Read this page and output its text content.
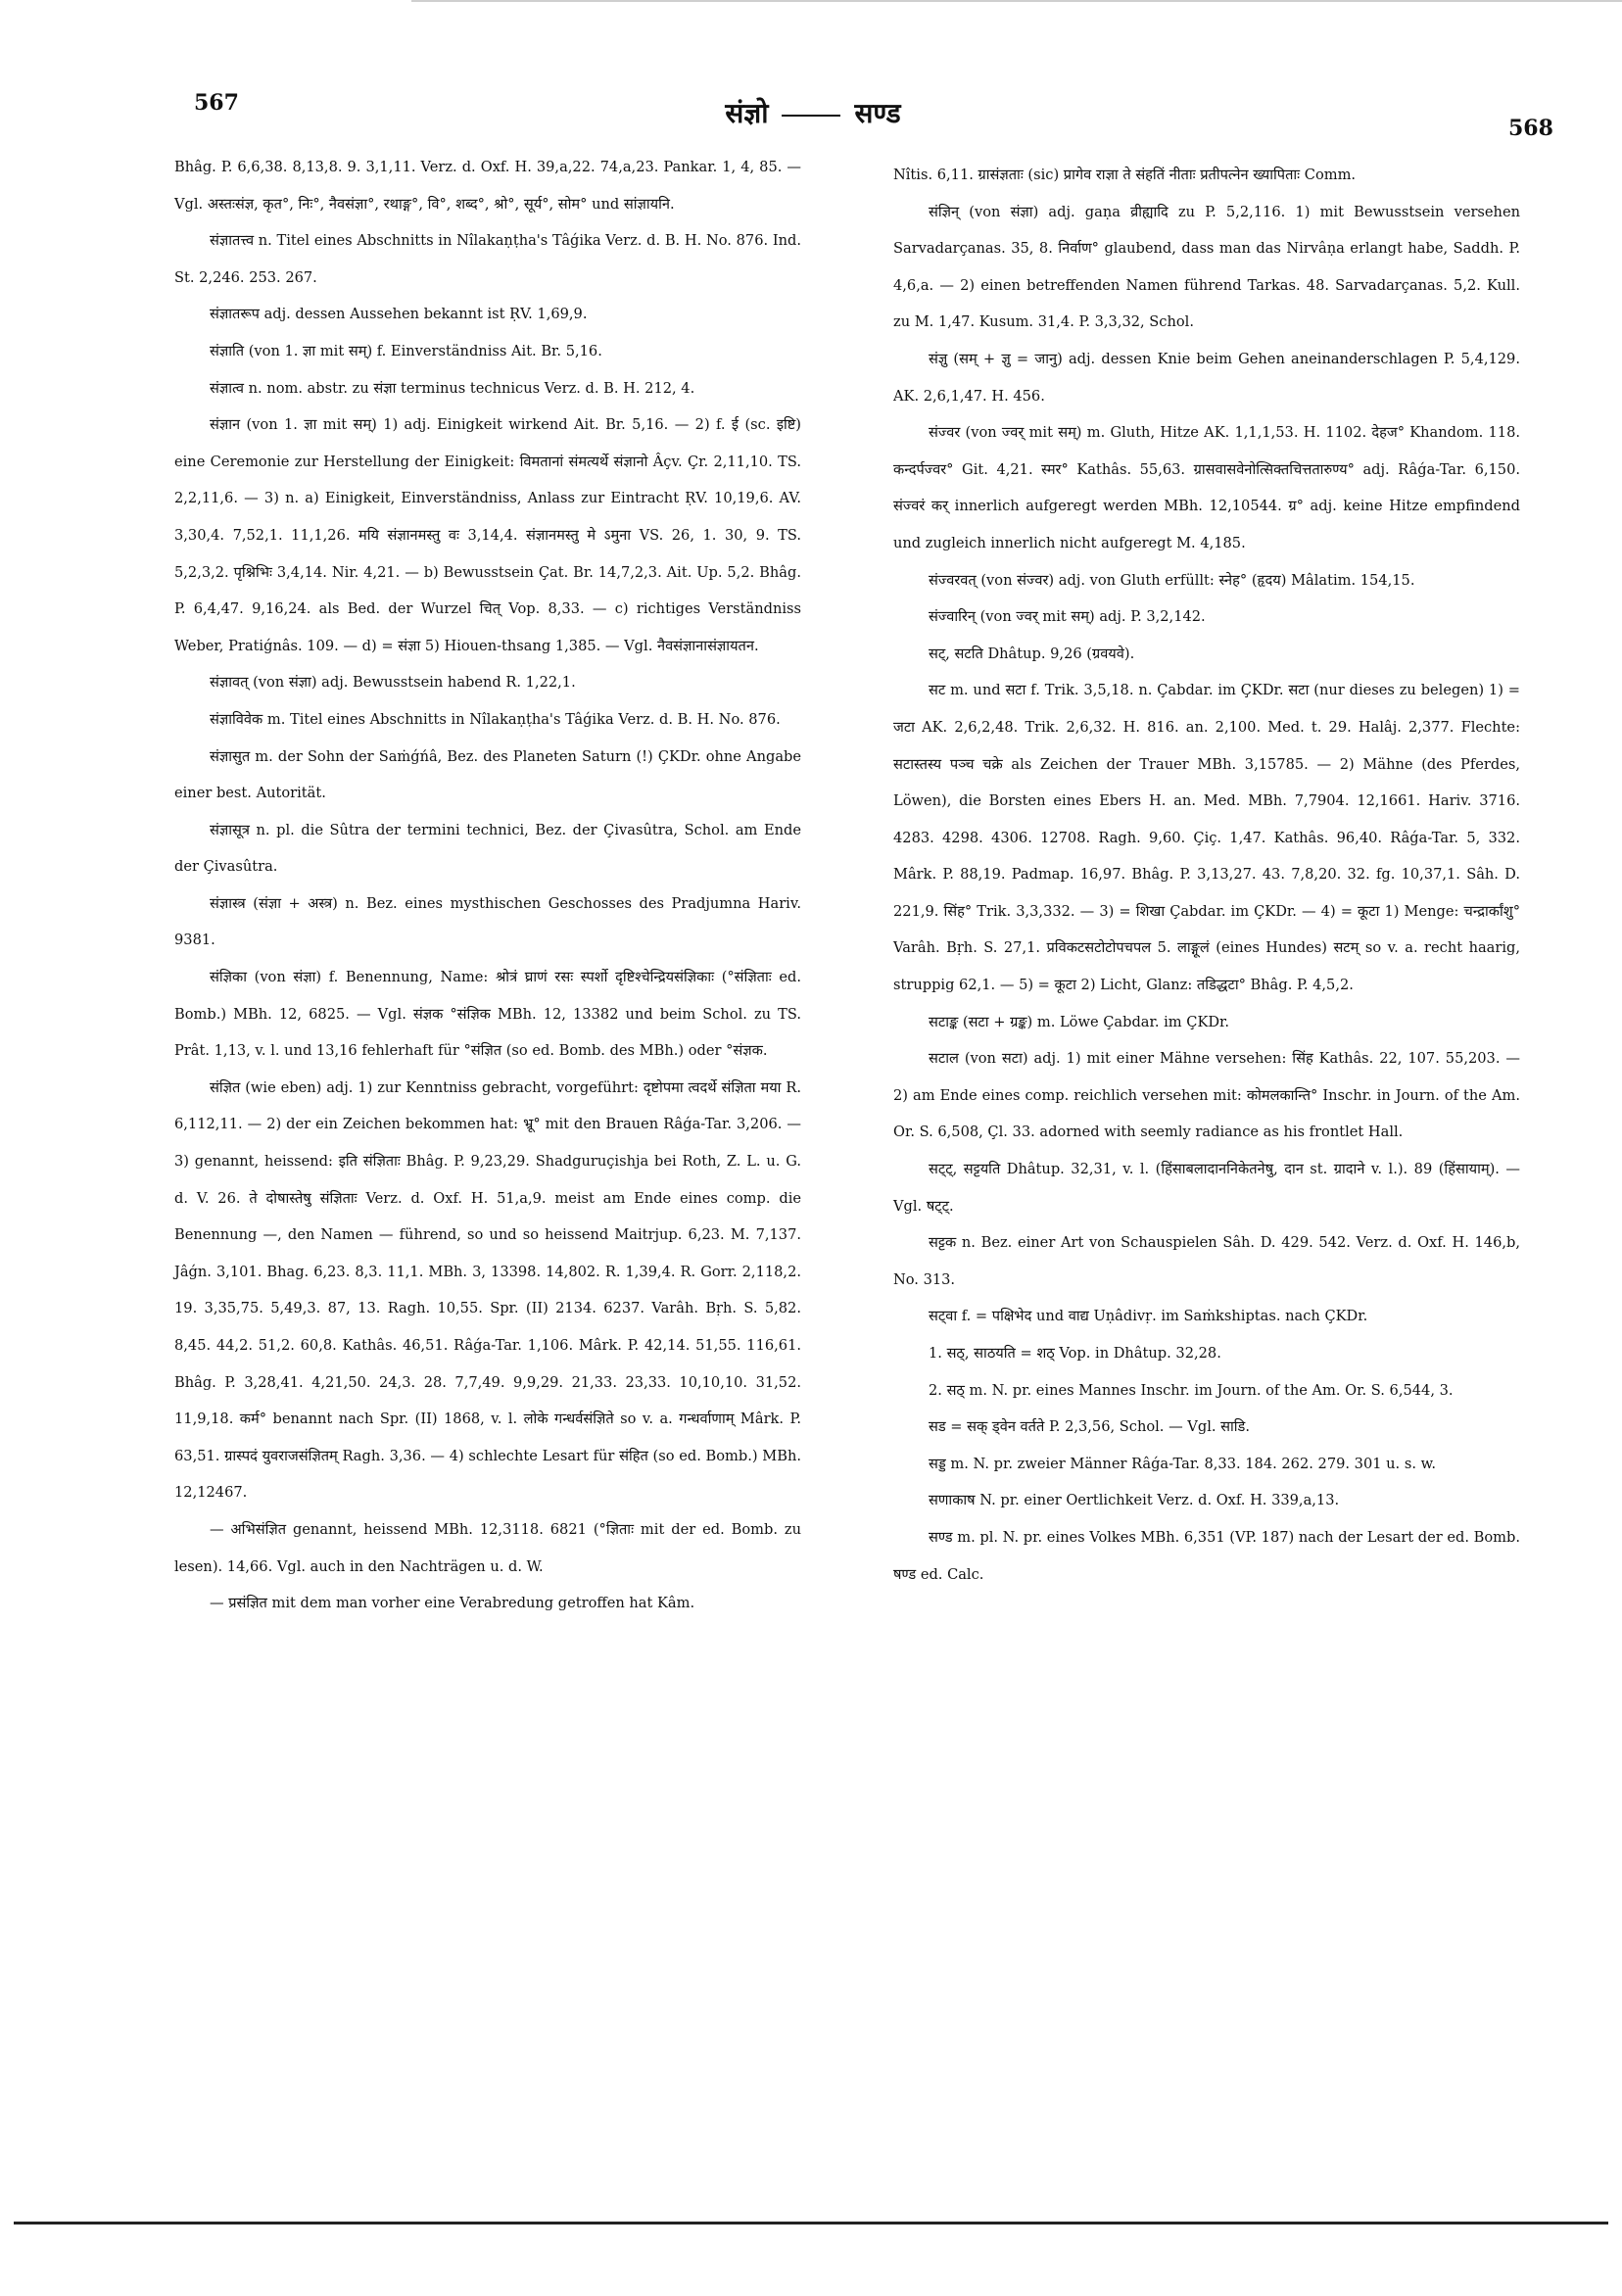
567	संज्ञो	सण्ड	568

Bhâg. P. 6,6,38. 8,13,8. 9. 3,1,11. Verz. d. Oxf. H. 39,a,22. 74,a,23. Pankar. 1, 4, 85. — Vgl. अस्तःसंज्ञ, कृत°, निः°, नैवसंज्ञा°, रथाङ्ग°, वि°, शब्द°, श्रो°, सूर्य°, सोम° und सांज्ञायनि.

संज्ञातत्त्व n. Titel eines Abschnitts in Nîlakaṇṭha's Tâǵika Verz. d. B. H. No. 876. Ind. St. 2,246. 253. 267.

संज्ञातरूप adj. dessen Aussehen bekannt ist ṚV. 1,69,9.

संज्ञाति (von 1. ज्ञा mit सम्) f. Einverständniss Ait. Br. 5,16.

संज्ञात्व n. nom. abstr. zu संज्ञा terminus technicus Verz. d. B. H. 212, 4.

संज्ञान (von 1. ज्ञा mit सम्) 1) adj. Einigkeit wirkend Ait. Br. 5,16. — 2) f. ई (sc. इष्टि) eine Ceremonie zur Herstellung der Einigkeit: विमतानां संमत्यर्थे संज्ञानो Âçv. Çr. 2,11,10. TS. 2,2,11,6. — 3) n. a) Einigkeit, Einverständniss, Anlass zur Eintracht ṚV. 10,19,6. AV. 3,30,4. 7,52,1. 11,1,26. मयि संज्ञानमस्तु वः 3,14,4. संज्ञानमस्तु मे ऽमुना VS. 26, 1. 30, 9. TS. 5,2,3,2. पृश्निभिः 3,4,14. Nir. 4,21. — b) Bewusstsein Çat. Br. 14,7,2,3. Ait. Up. 5,2. Bhâg. P. 6,4,47. 9,16,24. als Bed. der Wurzel चित् Vop. 8,33. — c) richtiges Verständniss Weber, Pratiǵnâs. 109. — d) = संज्ञा 5) Hiouen-thsang 1,385. — Vgl. नैवसंज्ञानासंज्ञायतन.

संज्ञावत् (von संज्ञा) adj. Bewusstsein habend R. 1,22,1.

संज्ञाविवेक m. Titel eines Abschnitts in Nîlakaṇṭha's Tâǵika Verz. d. B. H. No. 876.

संज्ञासुत m. der Sohn der Saṁǵńâ, Bez. des Planeten Saturn (!) ÇKDr. ohne Angabe einer best. Autorität.

संज्ञासूत्र n. pl. die Sûtra der termini technici, Bez. der Çivasûtra, Schol. am Ende der Çivasûtra.

संज्ञास्त्र (संज्ञा + अस्त्र) n. Bez. eines mysthischen Geschosses des Pradjumna Hariv. 9381.

संज्ञिका (von संज्ञा) f. Benennung, Name: श्रोत्रं घ्राणं रसः स्पर्शो दृष्टिश्चेन्द्रियसंज्ञिकाः (°संज्ञिताः ed. Bomb.) MBh. 12, 6825. — Vgl. संज्ञक °संज्ञिक MBh. 12, 13382 und beim Schol. zu TS. Prât. 1,13, v. l. und 13,16 fehlerhaft für °संज्ञित (so ed. Bomb. des MBh.) oder °संज्ञक.

संज्ञित (wie eben) adj. 1) zur Kenntniss gebracht, vorgeführt: दृष्टोपमा त्वदर्थे संज्ञिता मया R. 6,112,11. — 2) der ein Zeichen bekommen hat: भ्रू° mit den Brauen Râǵa-Tar. 3,206. — 3) genannt, heissend: इति संज्ञिताः Bhâg. P. 9,23,29. Shadguruçishja bei Roth, Z. L. u. G. d. V. 26. ते दोषास्तेषु संज्ञिताः Verz. d. Oxf. H. 51,a,9. meist am Ende eines comp. die Benennung —, den Namen — führend, so und so heissend Maitrjup. 6,23. M. 7,137. Jâǵn. 3,101. Bhag. 6,23. 8,3. 11,1. MBh. 3, 13398. 14,802. R. 1,39,4. R. Gorr. 2,118,2. 19. 3,35,75. 5,49,3. 87, 13. Ragh. 10,55. Spr. (II) 2134. 6237. Varâh. Bṛh. S. 5,82. 8,45. 44,2. 51,2. 60,8. Kathâs. 46,51. Râǵa-Tar. 1,106. Mârk. P. 42,14. 51,55. 116,61. Bhâg. P. 3,28,41. 4,21,50. 24,3. 28. 7,7,49. 9,9,29. 21,33. 23,33. 10,10,10. 31,52. 11,9,18. कर्म° benannt nach Spr. (II) 1868, v. l. लोके गन्धर्वसंज्ञिते so v. a. गन्धर्वाणाम् Mârk. P. 63,51. ग्रास्पदं युवराजसंज्ञितम् Ragh. 3,36. — 4) schlechte Lesart für संहित (so ed. Bomb.) MBh. 12,12467.

— अभिसंज्ञित genannt, heissend MBh. 12,3118. 6821 (°ज्ञिताः mit der ed. Bomb. zu lesen). 14,66. Vgl. auch in den Nachträgen u. d. W.

— प्रसंज्ञित mit dem man vorher eine Verabredung getroffen hat Kâm.

Nîtis. 6,11. ग्रासंज्ञताः (sic) प्रागेव राज्ञा ते संहतिं नीताः प्रतीपत्नेन ख्यापिताः Comm.

संज्ञिन् (von संज्ञा) adj. gaṇa व्रीह्यादि zu P. 5,2,116. 1) mit Bewusstsein versehen Sarvadarçanas. 35, 8. निर्वाण° glaubend, dass man das Nirvâṇa erlangt habe, Saddh. P. 4,6,a. — 2) einen betreffenden Namen führend Tarkas. 48. Sarvadarçanas. 5,2. Kull. zu M. 1,47. Kusum. 31,4. P. 3,3,32, Schol.

संज्ञु (सम् + ज्ञु = जानु) adj. dessen Knie beim Gehen aneinanderschlagen P. 5,4,129. AK. 2,6,1,47. H. 456.

संज्वर (von ज्वर् mit सम्) m. Gluth, Hitze AK. 1,1,1,53. H. 1102. देहज° Khandom. 118. कन्दर्पज्वर° Git. 4,21. स्मर° Kathâs. 55,63. ग्रासवासवेनोत्सिक्तचित्ततारुण्य° adj. Râǵa-Tar. 6,150. संज्वरं कर् innerlich aufgeregt werden MBh. 12,10544. ग्र° adj. keine Hitze empfindend und zugleich innerlich nicht aufgeregt M. 4,185.

संज्वरवत् (von संज्वर) adj. von Gluth erfüllt: स्नेह° (हृदय) Mâlatim. 154,15.

संज्वारिन् (von ज्वर् mit सम्) adj. P. 3,2,142.

सट्, सटति Dhâtup. 9,26 (ग्रवयवे).

सट m. und सटा f. Trik. 3,5,18. n. Çabdar. im ÇKDr. सटा (nur dieses zu belegen) 1) = जटा AK. 2,6,2,48. Trik. 2,6,32. H. 816. an. 2,100. Med. t. 29. Halâj. 2,377. Flechte: सटास्तस्य पञ्च चक्रे als Zeichen der Trauer MBh. 3,15785. — 2) Mähne (des Pferdes, Löwen), die Borsten eines Ebers H. an. Med. MBh. 7,7904. 12,1661. Hariv. 3716. 4283. 4298. 4306. 12708. Ragh. 9,60. Çiç. 1,47. Kathâs. 96,40. Râǵa-Tar. 5, 332. Mârk. P. 88,19. Padmap. 16,97. Bhâg. P. 3,13,27. 43. 7,8,20. 32. fg. 10,37,1. Sâh. D. 221,9. सिंह° Trik. 3,3,332. — 3) = शिखा Çabdar. im ÇKDr. — 4) = कूटा 1) Menge: चन्द्रार्कांशु° Varâh. Bṛh. S. 27,1. प्रविकटसटोटोपचपल 5. लाङ्गूलं (eines Hundes) सटम् so v. a. recht haarig, struppig 62,1. — 5) = कूटा 2) Licht, Glanz: तडिद्धटा° Bhâg. P. 4,5,2.

सटाङ्क (सटा + ग्रङ्क) m. Löwe Çabdar. im ÇKDr.

सटाल (von सटा) adj. 1) mit einer Mähne versehen: सिंह Kathâs. 22, 107. 55,203. — 2) am Ende eines comp. reichlich versehen mit: कोमलकान्ति° Inschr. in Journ. of the Am. Or. S. 6,508, Çl. 33. adorned with seemly radiance as his frontlet Hall.

सट्ट्, सट्टयति Dhâtup. 32,31, v. l. (हिंसाबलादाननिकेतनेषु, दान st. ग्रादाने v. l.). 89 (हिंसायाम्). — Vgl. षट्ट्.

सट्टक n. Bez. einer Art von Schauspielen Sâh. D. 429. 542. Verz. d. Oxf. H. 146,b, No. 313.

सट्वा f. = पक्षिभेद und वाद्य Uṇâdivṛ. im Saṁkshiptas. nach ÇKDr.

1. सठ्, साठयति = शठ् Vop. in Dhâtup. 32,28.

2. सठ् m. N. pr. eines Mannes Inschr. im Journ. of the Am. Or. S. 6,544, 3.

सड = सक् ड्वेन वर्तते P. 2,3,56, Schol. — Vgl. साडि.

सड्ड m. N. pr. zweier Männer Râǵa-Tar. 8,33. 184. 262. 279. 301 u. s. w.

सणाकाष N. pr. einer Oertlichkeit Verz. d. Oxf. H. 339,a,13.

सण्ड m. pl. N. pr. eines Volkes MBh. 6,351 (VP. 187) nach der Lesart der ed. Bomb. षण्ड ed. Calc.
